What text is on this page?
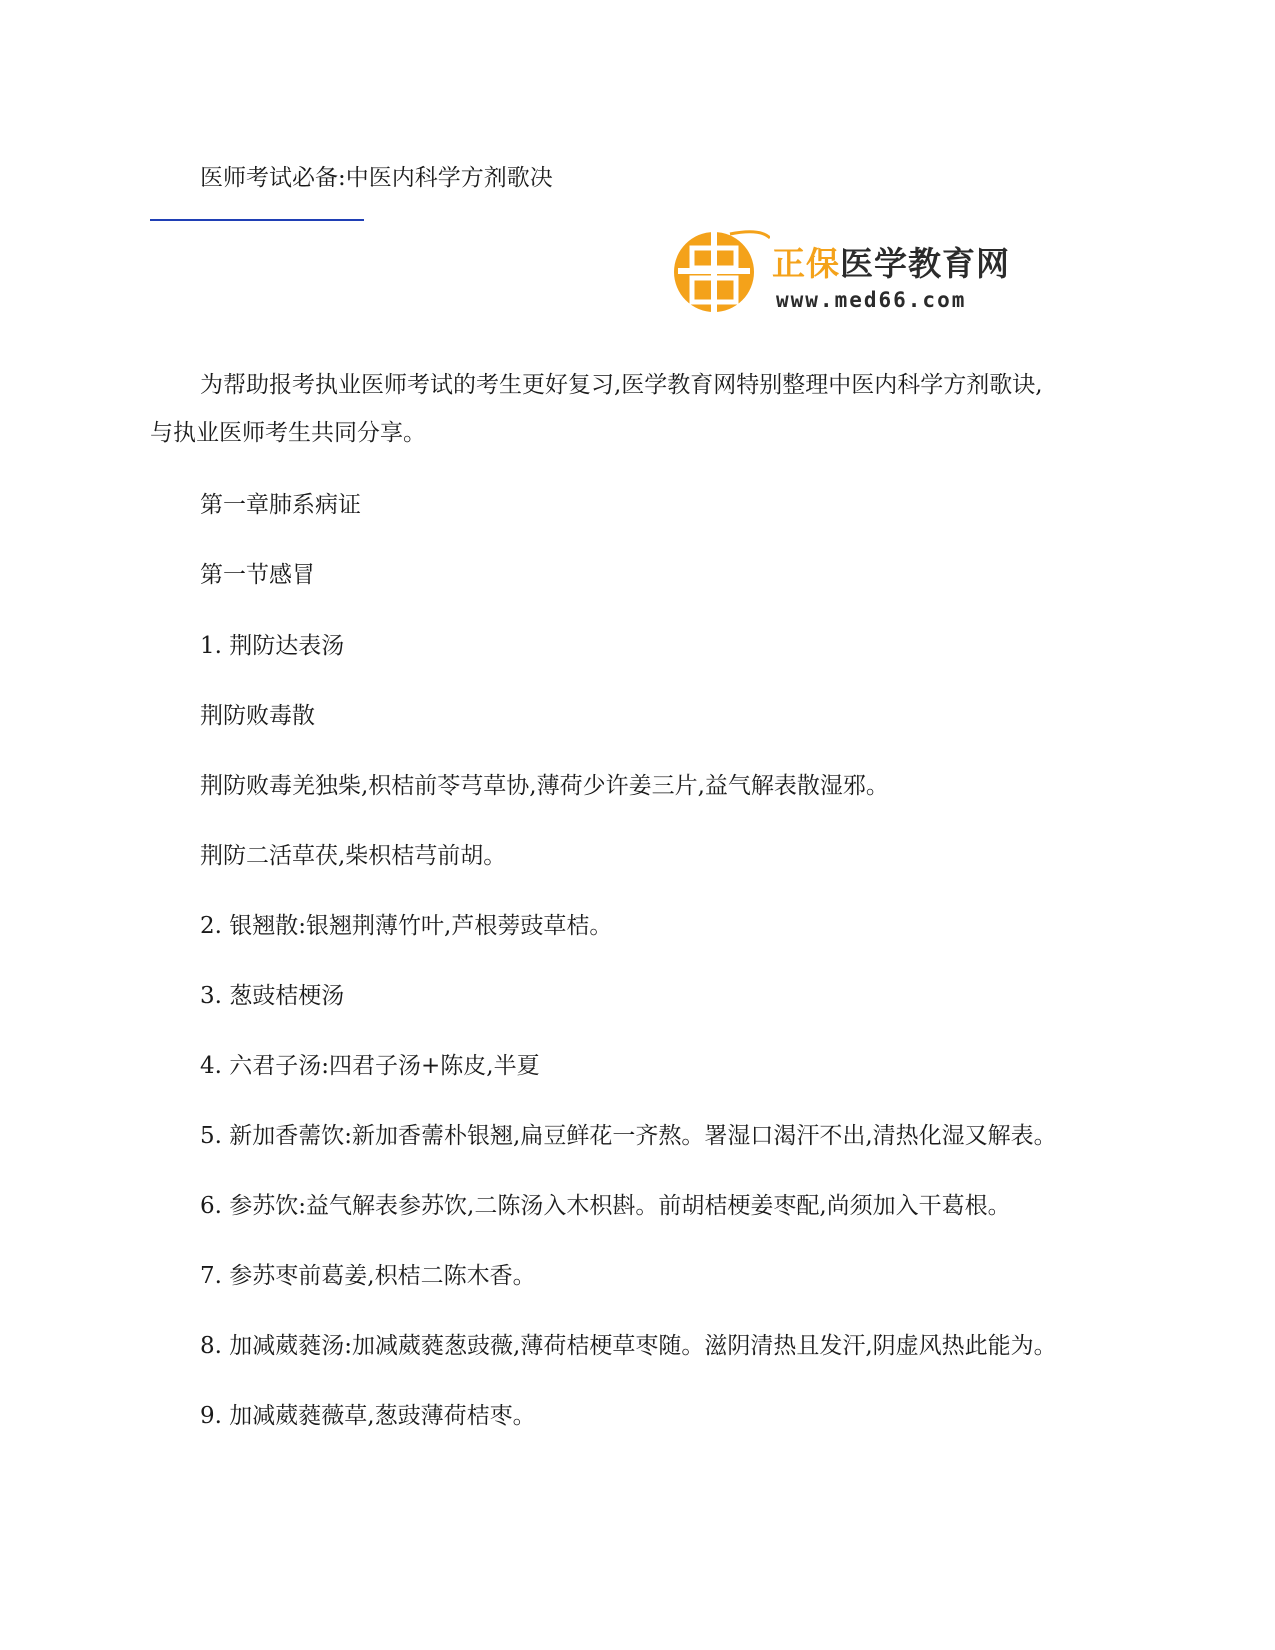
医师考试必备:中医内科学方剂歌决
正保医学教育网
www.med66.com
为帮助报考执业医师考试的考生更好复习,医学教育网特别整理中医内科学方剂歌诀,
与执业医师考生共同分享。
第一章肺系病证
第一节感冒
1. 荆防达表汤
荆防败毒散
荆防败毒羌独柴,枳桔前苓芎草协,薄荷少许姜三片,益气解表散湿邪。
荆防二活草茯,柴枳桔芎前胡。
2. 银翘散:银翘荆薄竹叶,芦根蒡豉草桔。
3. 葱豉桔梗汤
4. 六君子汤:四君子汤+陈皮,半夏
5. 新加香薷饮:新加香薷朴银翘,扁豆鲜花一齐熬。署湿口渴汗不出,清热化湿又解表。
6. 参苏饮:益气解表参苏饮,二陈汤入木枳斟。前胡桔梗姜枣配,尚须加入干葛根。
7. 参苏枣前葛姜,枳桔二陈木香。
8. 加减葳蕤汤:加减葳蕤葱豉薇,薄荷桔梗草枣随。滋阴清热且发汗,阴虚风热此能为。
9. 加减葳蕤薇草,葱豉薄荷桔枣。
